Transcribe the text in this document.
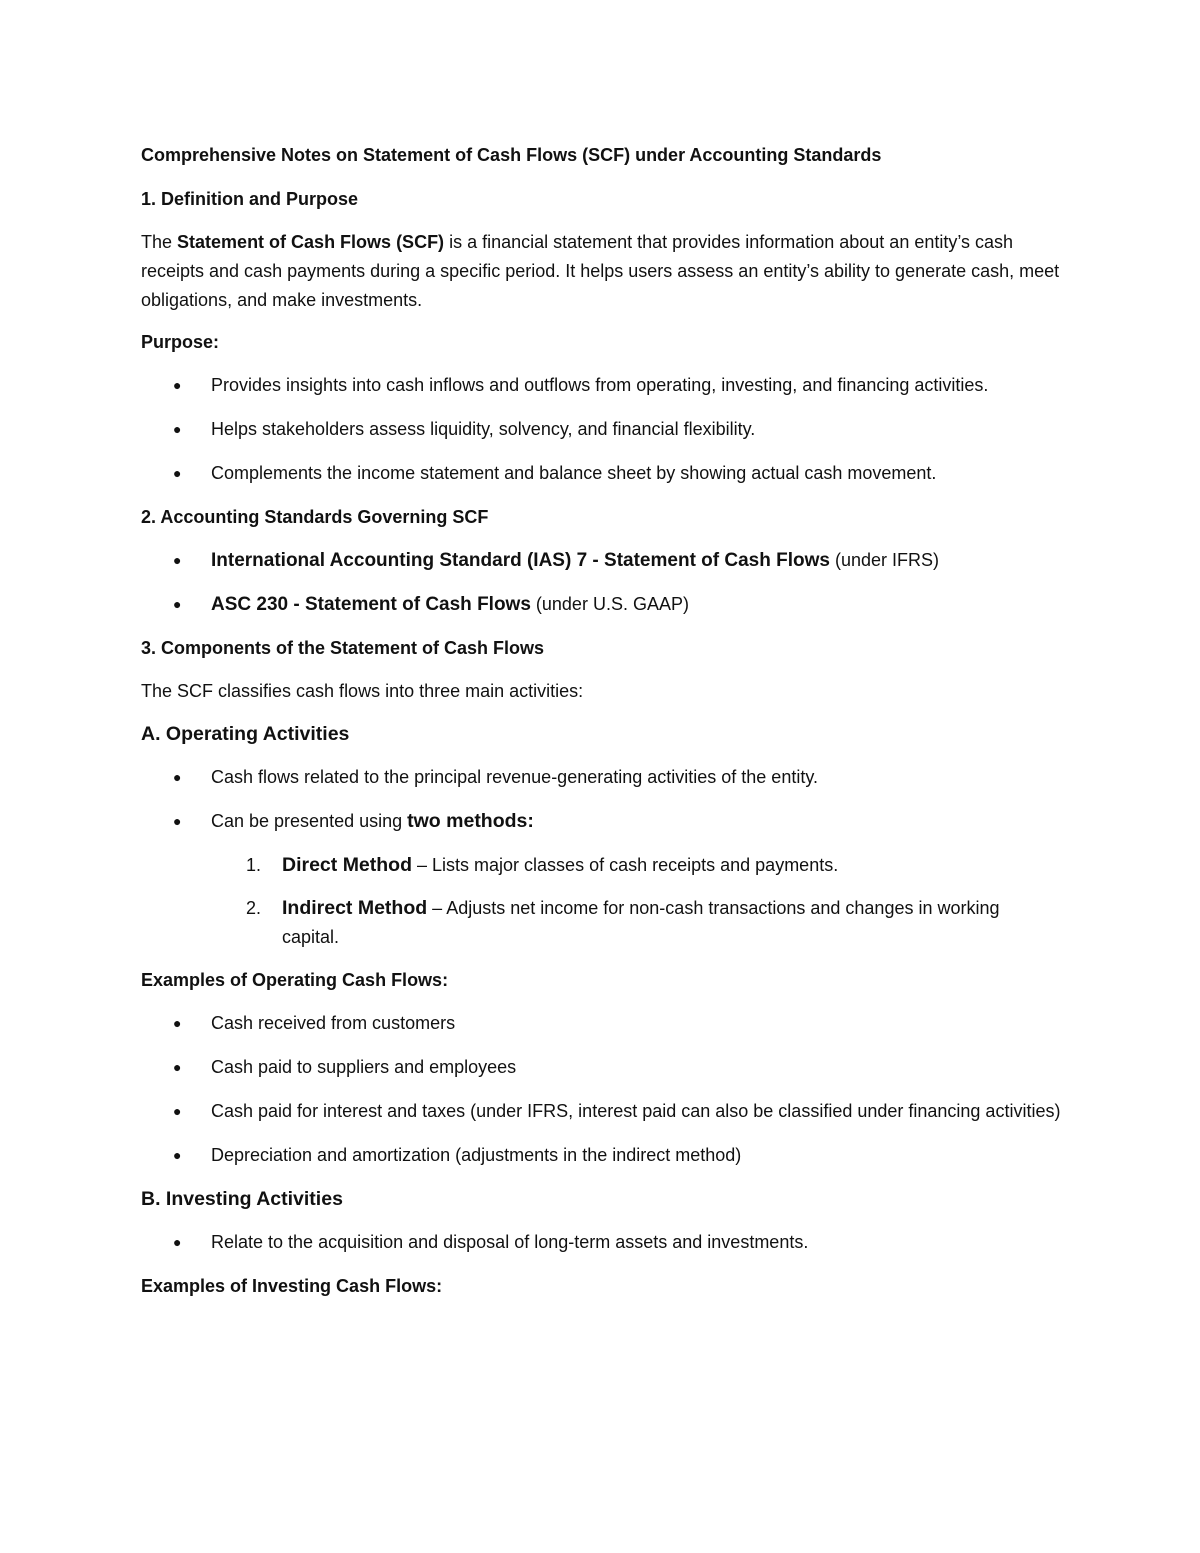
Comprehensive Notes on Statement of Cash Flows (SCF) under Accounting Standards

1. Definition and Purpose

The Statement of Cash Flows (SCF) is a financial statement that provides information about an entity’s cash receipts and cash payments during a specific period. It helps users assess an entity’s ability to generate cash, meet obligations, and make investments.

Purpose:

● Provides insights into cash inflows and outflows from operating, investing, and financing activities.
● Helps stakeholders assess liquidity, solvency, and financial flexibility.
● Complements the income statement and balance sheet by showing actual cash movement.

2. Accounting Standards Governing SCF

● International Accounting Standard (IAS) 7 - Statement of Cash Flows (under IFRS)
● ASC 230 - Statement of Cash Flows (under U.S. GAAP)

3. Components of the Statement of Cash Flows

The SCF classifies cash flows into three main activities:

A. Operating Activities

● Cash flows related to the principal revenue-generating activities of the entity.
● Can be presented using two methods:
1. Direct Method – Lists major classes of cash receipts and payments.
2. Indirect Method – Adjusts net income for non-cash transactions and changes in working capital.

Examples of Operating Cash Flows:

● Cash received from customers
● Cash paid to suppliers and employees
● Cash paid for interest and taxes (under IFRS, interest paid can also be classified under financing activities)
● Depreciation and amortization (adjustments in the indirect method)

B. Investing Activities

● Relate to the acquisition and disposal of long-term assets and investments.

Examples of Investing Cash Flows:
